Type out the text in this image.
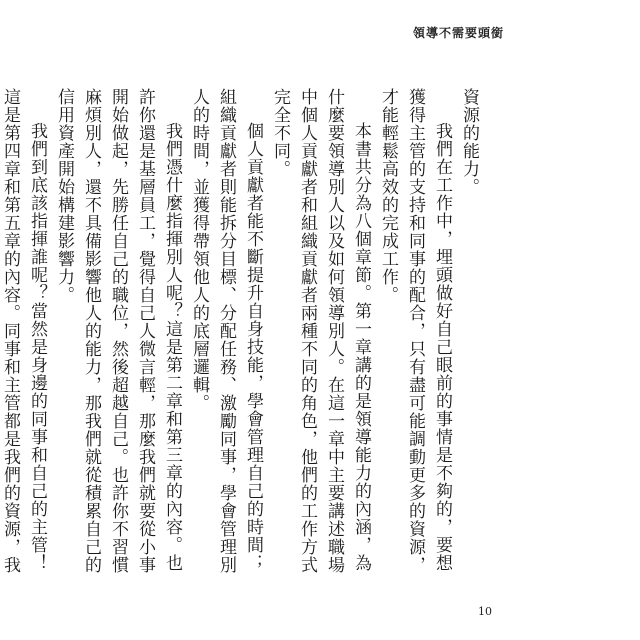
領導不需要頭銜

資源的能力。

我們在工作中，埋頭做好自己眼前的事情是不夠的，要想獲得主管的支持和同事的配合，只有盡可能調動更多的資源，才能輕鬆高效的完成工作。

本書共分為八個章節。第一章講的是領導能力的內涵，為什麼要領導別人以及如何領導別人。在這一章中主要講述職場中個人貢獻者和組織貢獻者兩種不同的角色，他們的工作方式完全不同。

個人貢獻者能不斷提升自身技能，學會管理自己的時間；組織貢獻者則能拆分目標、分配任務、激勵同事，學會管理別人的時間，並獲得帶領他人的底層邏輯。

我們憑什麼指揮別人呢？這是第二章和第三章的內容。也許你還是基層員工，覺得自己人微言輕，那麼我們就要從小事開始做起，先勝任自己的職位，然後超越自己。也許你不習慣麻煩別人，還不具備影響他人的能力，那我們就從積累自己的信用資產開始構建影響力。

我們到底該指揮誰呢？當然是身邊的同事和自己的主管！這是第四章和第五章的內容。同事和主管都是我們的資源，我

10
